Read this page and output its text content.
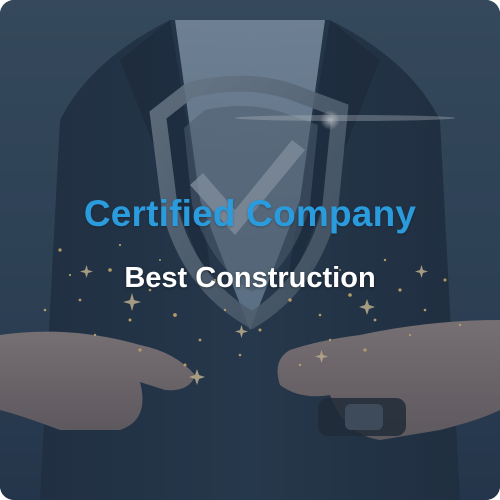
Certified Company
Best Construction
